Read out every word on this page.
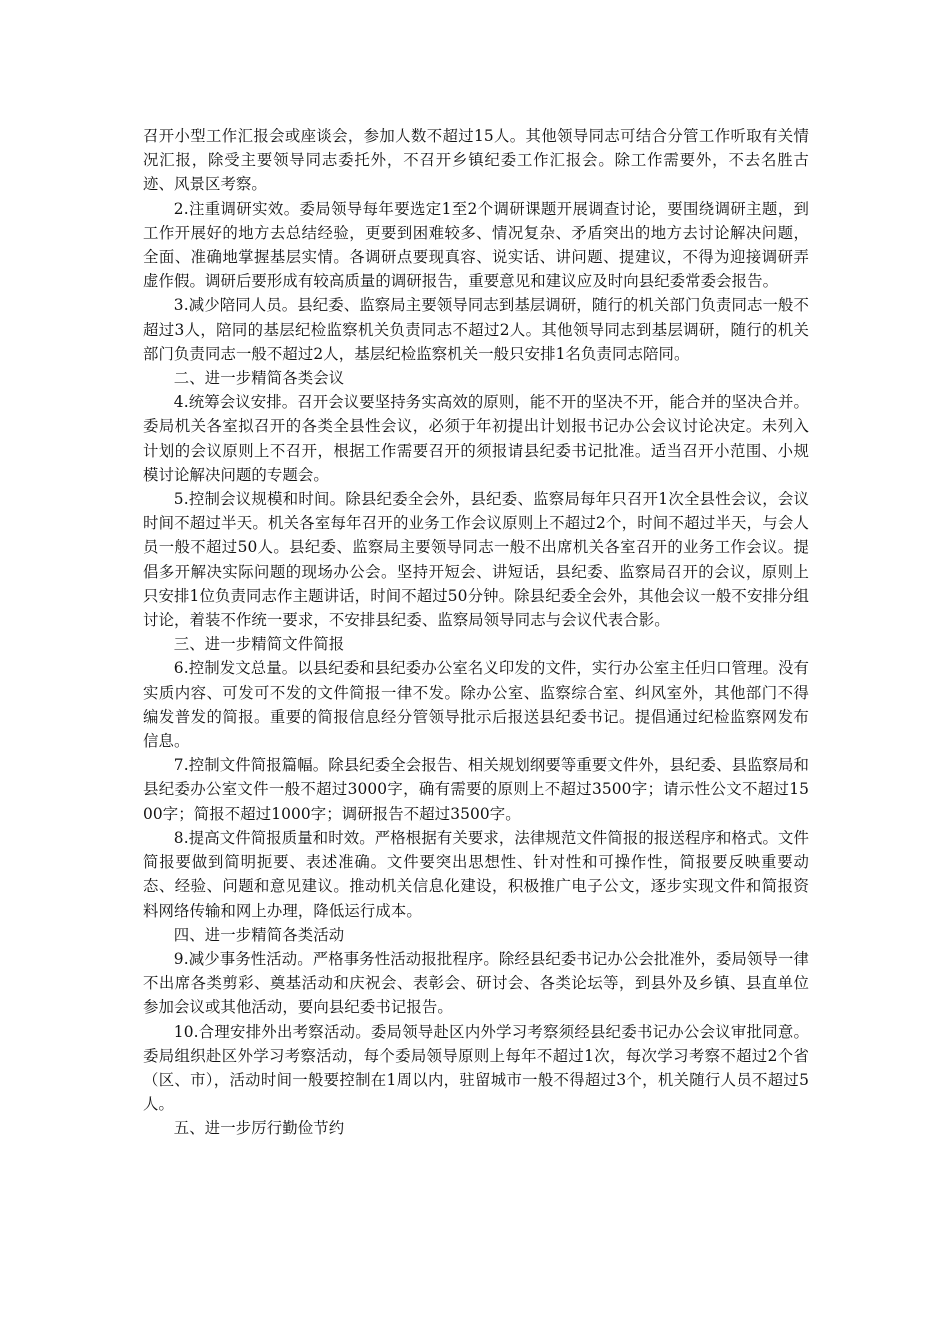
召开小型工作汇报会或座谈会，参加人数不超过15人。其他领导同志可结合分管工作听取有关情况汇报，除受主要领导同志委托外，不召开乡镇纪委工作汇报会。除工作需要外，不去名胜古迹、风景区考察。

2.注重调研实效。委局领导每年要选定1至2个调研课题开展调查讨论，要围绕调研主题，到工作开展好的地方去总结经验，更要到困难较多、情况复杂、矛盾突出的地方去讨论解决问题，全面、准确地掌握基层实情。各调研点要现真容、说实话、讲问题、提建议，不得为迎接调研弄虚作假。调研后要形成有较高质量的调研报告，重要意见和建议应及时向县纪委常委会报告。

3.减少陪同人员。县纪委、监察局主要领导同志到基层调研，随行的机关部门负责同志一般不超过3人，陪同的基层纪检监察机关负责同志不超过2人。其他领导同志到基层调研，随行的机关部门负责同志一般不超过2人，基层纪检监察机关一般只安排1名负责同志陪同。

二、进一步精简各类会议

4.统筹会议安排。召开会议要坚持务实高效的原则，能不开的坚决不开，能合并的坚决合并。委局机关各室拟召开的各类全县性会议，必须于年初提出计划报书记办公会议讨论决定。未列入计划的会议原则上不召开，根据工作需要召开的须报请县纪委书记批准。适当召开小范围、小规模讨论解决问题的专题会。

5.控制会议规模和时间。除县纪委全会外，县纪委、监察局每年只召开1次全县性会议，会议时间不超过半天。机关各室每年召开的业务工作会议原则上不超过2个，时间不超过半天，与会人员一般不超过50人。县纪委、监察局主要领导同志一般不出席机关各室召开的业务工作会议。提倡多开解决实际问题的现场办公会。坚持开短会、讲短话，县纪委、监察局召开的会议，原则上只安排1位负责同志作主题讲话，时间不超过50分钟。除县纪委全会外，其他会议一般不安排分组讨论，着装不作统一要求，不安排县纪委、监察局领导同志与会议代表合影。

三、进一步精简文件简报

6.控制发文总量。以县纪委和县纪委办公室名义印发的文件，实行办公室主任归口管理。没有实质内容、可发可不发的文件简报一律不发。除办公室、监察综合室、纠风室外，其他部门不得编发普发的简报。重要的简报信息经分管领导批示后报送县纪委书记。提倡通过纪检监察网发布信息。

7.控制文件简报篇幅。除县纪委全会报告、相关规划纲要等重要文件外，县纪委、县监察局和县纪委办公室文件一般不超过3000字，确有需要的原则上不超过3500字；请示性公文不超过1500字；简报不超过1000字；调研报告不超过3500字。

8.提高文件简报质量和时效。严格根据有关要求，法律规范文件简报的报送程序和格式。文件简报要做到简明扼要、表述准确。文件要突出思想性、针对性和可操作性，简报要反映重要动态、经验、问题和意见建议。推动机关信息化建设，积极推广电子公文，逐步实现文件和简报资料网络传输和网上办理，降低运行成本。

四、进一步精简各类活动

9.减少事务性活动。严格事务性活动报批程序。除经县纪委书记办公会批准外，委局领导一律不出席各类剪彩、奠基活动和庆祝会、表彰会、研讨会、各类论坛等，到县外及乡镇、县直单位参加会议或其他活动，要向县纪委书记报告。

10.合理安排外出考察活动。委局领导赴区内外学习考察须经县纪委书记办公会议审批同意。委局组织赴区外学习考察活动，每个委局领导原则上每年不超过1次，每次学习考察不超过2个省（区、市），活动时间一般要控制在1周以内，驻留城市一般不得超过3个，机关随行人员不超过5人。

五、进一步厉行勤俭节约
